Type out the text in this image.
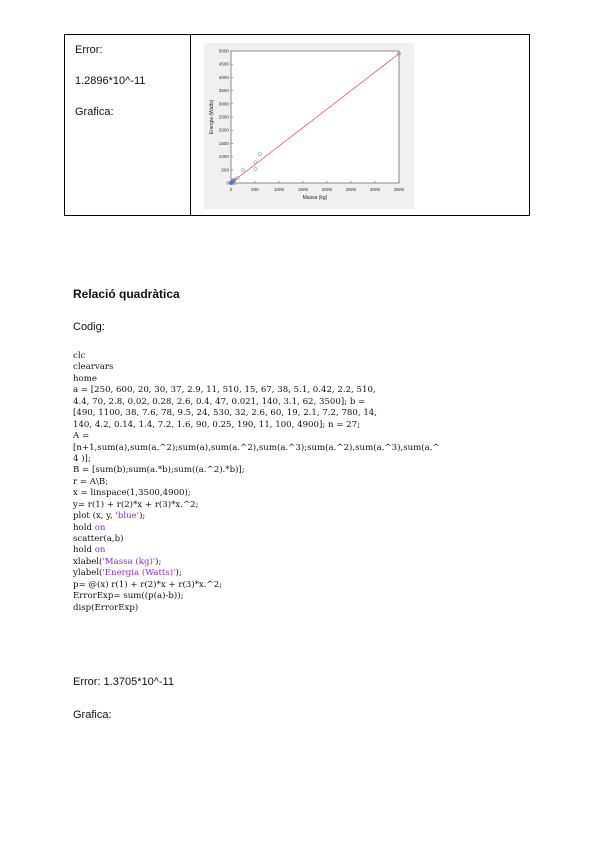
Error:
1.2896*10^-11
Grafica:
0	500	1000	1500	2000	2500	3000	3500
0
500
1000
1500
2000
2500
3000
3500
4000
4500
5000
Massa (kg)
Energia (Watts)
Relació quadràtica
Codig:
clc
clearvars
home
a = [250, 600, 20, 30, 37, 2.9, 11, 510, 15, 67, 38, 5.1, 0.42, 2.2, 510,
4.4, 70, 2.8, 0.02, 0.28, 2.6, 0.4, 47, 0.021, 140, 3.1, 62, 3500]; b =
[490, 1100, 38, 7.6, 78, 9.5, 24, 530, 32, 2.6, 60, 19, 2.1, 7.2, 780, 14,
140, 4.2, 0.14, 1.4, 7.2, 1.6, 90, 0.25, 190, 11, 100, 4900]; n = 27;
A =
[n+1,sum(a),sum(a.^2);sum(a),sum(a.^2),sum(a.^3);sum(a.^2),sum(a.^3),sum(a.^
4 )];
B = [sum(b);sum(a.*b);sum((a.^2).*b)];
r = A\B;
x = linspace(1,3500,4900);
y= r(1) + r(2)*x + r(3)*x.^2;
plot (x, y, 'blue');
hold on
scatter(a,b)
hold on
xlabel('Massa (kg)');
ylabel('Energia (Watts)');
p= @(x) r(1) + r(2)*x + r(3)*x.^2;
ErrorExp= sum((p(a)-b));
disp(ErrorExp)
Error: 1.3705*10^-11
Grafica:
